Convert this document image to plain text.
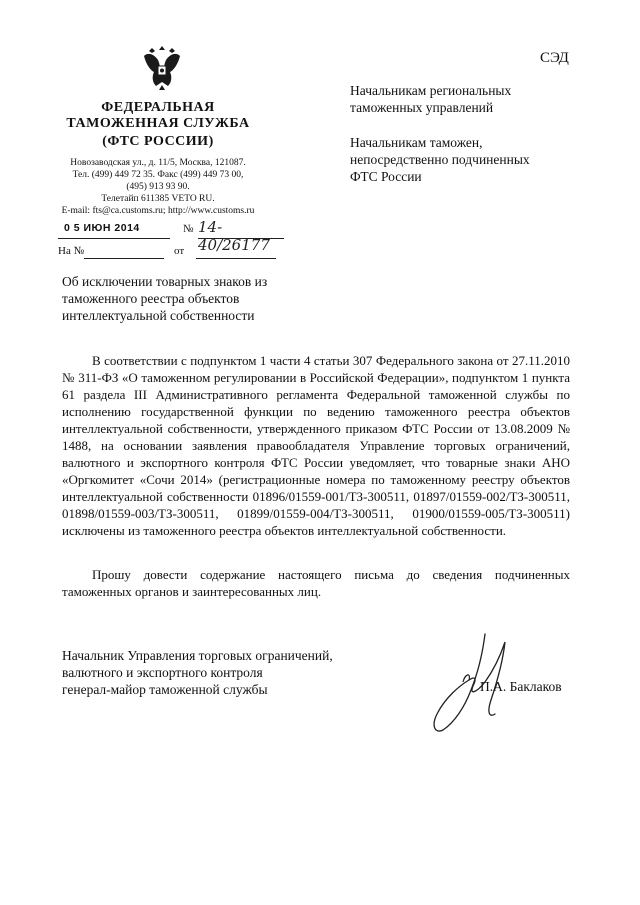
ФЕДЕРАЛЬНАЯ
ТАМОЖЕННАЯ СЛУЖБА
(ФТС РОССИИ)
Новозаводская ул., д. 11/5, Москва, 121087.
Тел. (499) 449 72 35. Факс (499) 449 73 00,
(495) 913 93 90.
Телетайп 611385 VETO RU.
E-mail: fts@ca.customs.ru; http://www.customs.ru
0 5 ИЮН 2014	№ 14-40/26177
На №	от
СЭД
Начальникам региональных
таможенных управлений
Начальникам таможен,
непосредственно подчиненных
ФТС России
Об исключении товарных знаков из
таможенного реестра объектов
интеллектуальной собственности

В соответствии с подпунктом 1 части 4 статьи 307 Федерального закона от 27.11.2010 № 311-ФЗ «О таможенном регулировании в Российской Федерации», подпунктом 1 пункта 61 раздела III Административного регламента Федеральной таможенной службы по исполнению государственной функции по ведению таможенного реестра объектов интеллектуальной собственности, утвержденного приказом ФТС России от 13.08.2009 № 1488, на основании заявления правообладателя Управление торговых ограничений, валютного и экспортного контроля ФТС России уведомляет, что товарные знаки АНО «Оргкомитет «Сочи 2014» (регистрационные номера по таможенному реестру объектов интеллектуальной собственности 01896/01559-001/ТЗ-300511, 01897/01559-002/ТЗ-300511, 01898/01559-003/ТЗ-300511, 01899/01559-004/ТЗ-300511, 01900/01559-005/ТЗ-300511) исключены из таможенного реестра объектов интеллектуальной собственности.

Прошу довести содержание настоящего письма до сведения подчиненных таможенных органов и заинтересованных лиц.

Начальник Управления торговых ограничений,
валютного и экспортного контроля
генерал-майор таможенной службы	П.А. Баклаков
